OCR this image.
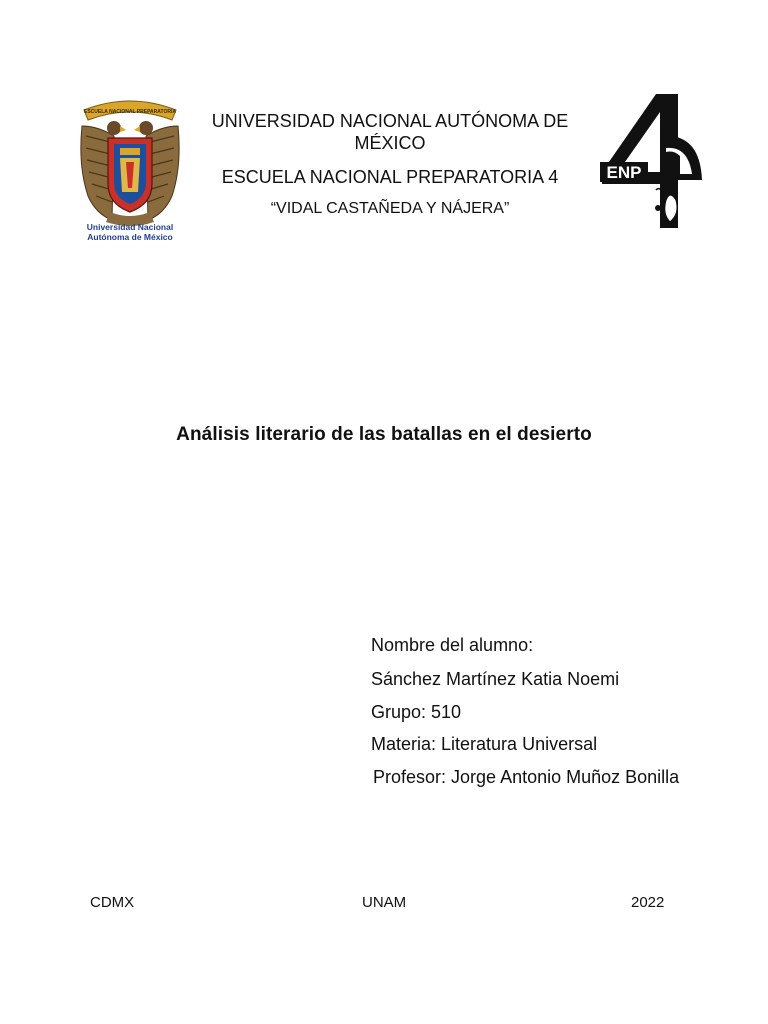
ESCUELA NACIONAL PREPARATORIA
Universidad Nacional
Autónoma de México
UNIVERSIDAD NACIONAL AUTÓNOMA DE MÉXICO
ESCUELA NACIONAL PREPARATORIA 4
“VIDAL CASTAÑEDA Y NÁJERA”
ENP
Análisis literario de las batallas en el desierto
Nombre del alumno:
Sánchez Martínez Katia Noemi
Grupo: 510
Materia: Literatura Universal
Profesor: Jorge Antonio Muñoz Bonilla
CDMX	UNAM	2022
